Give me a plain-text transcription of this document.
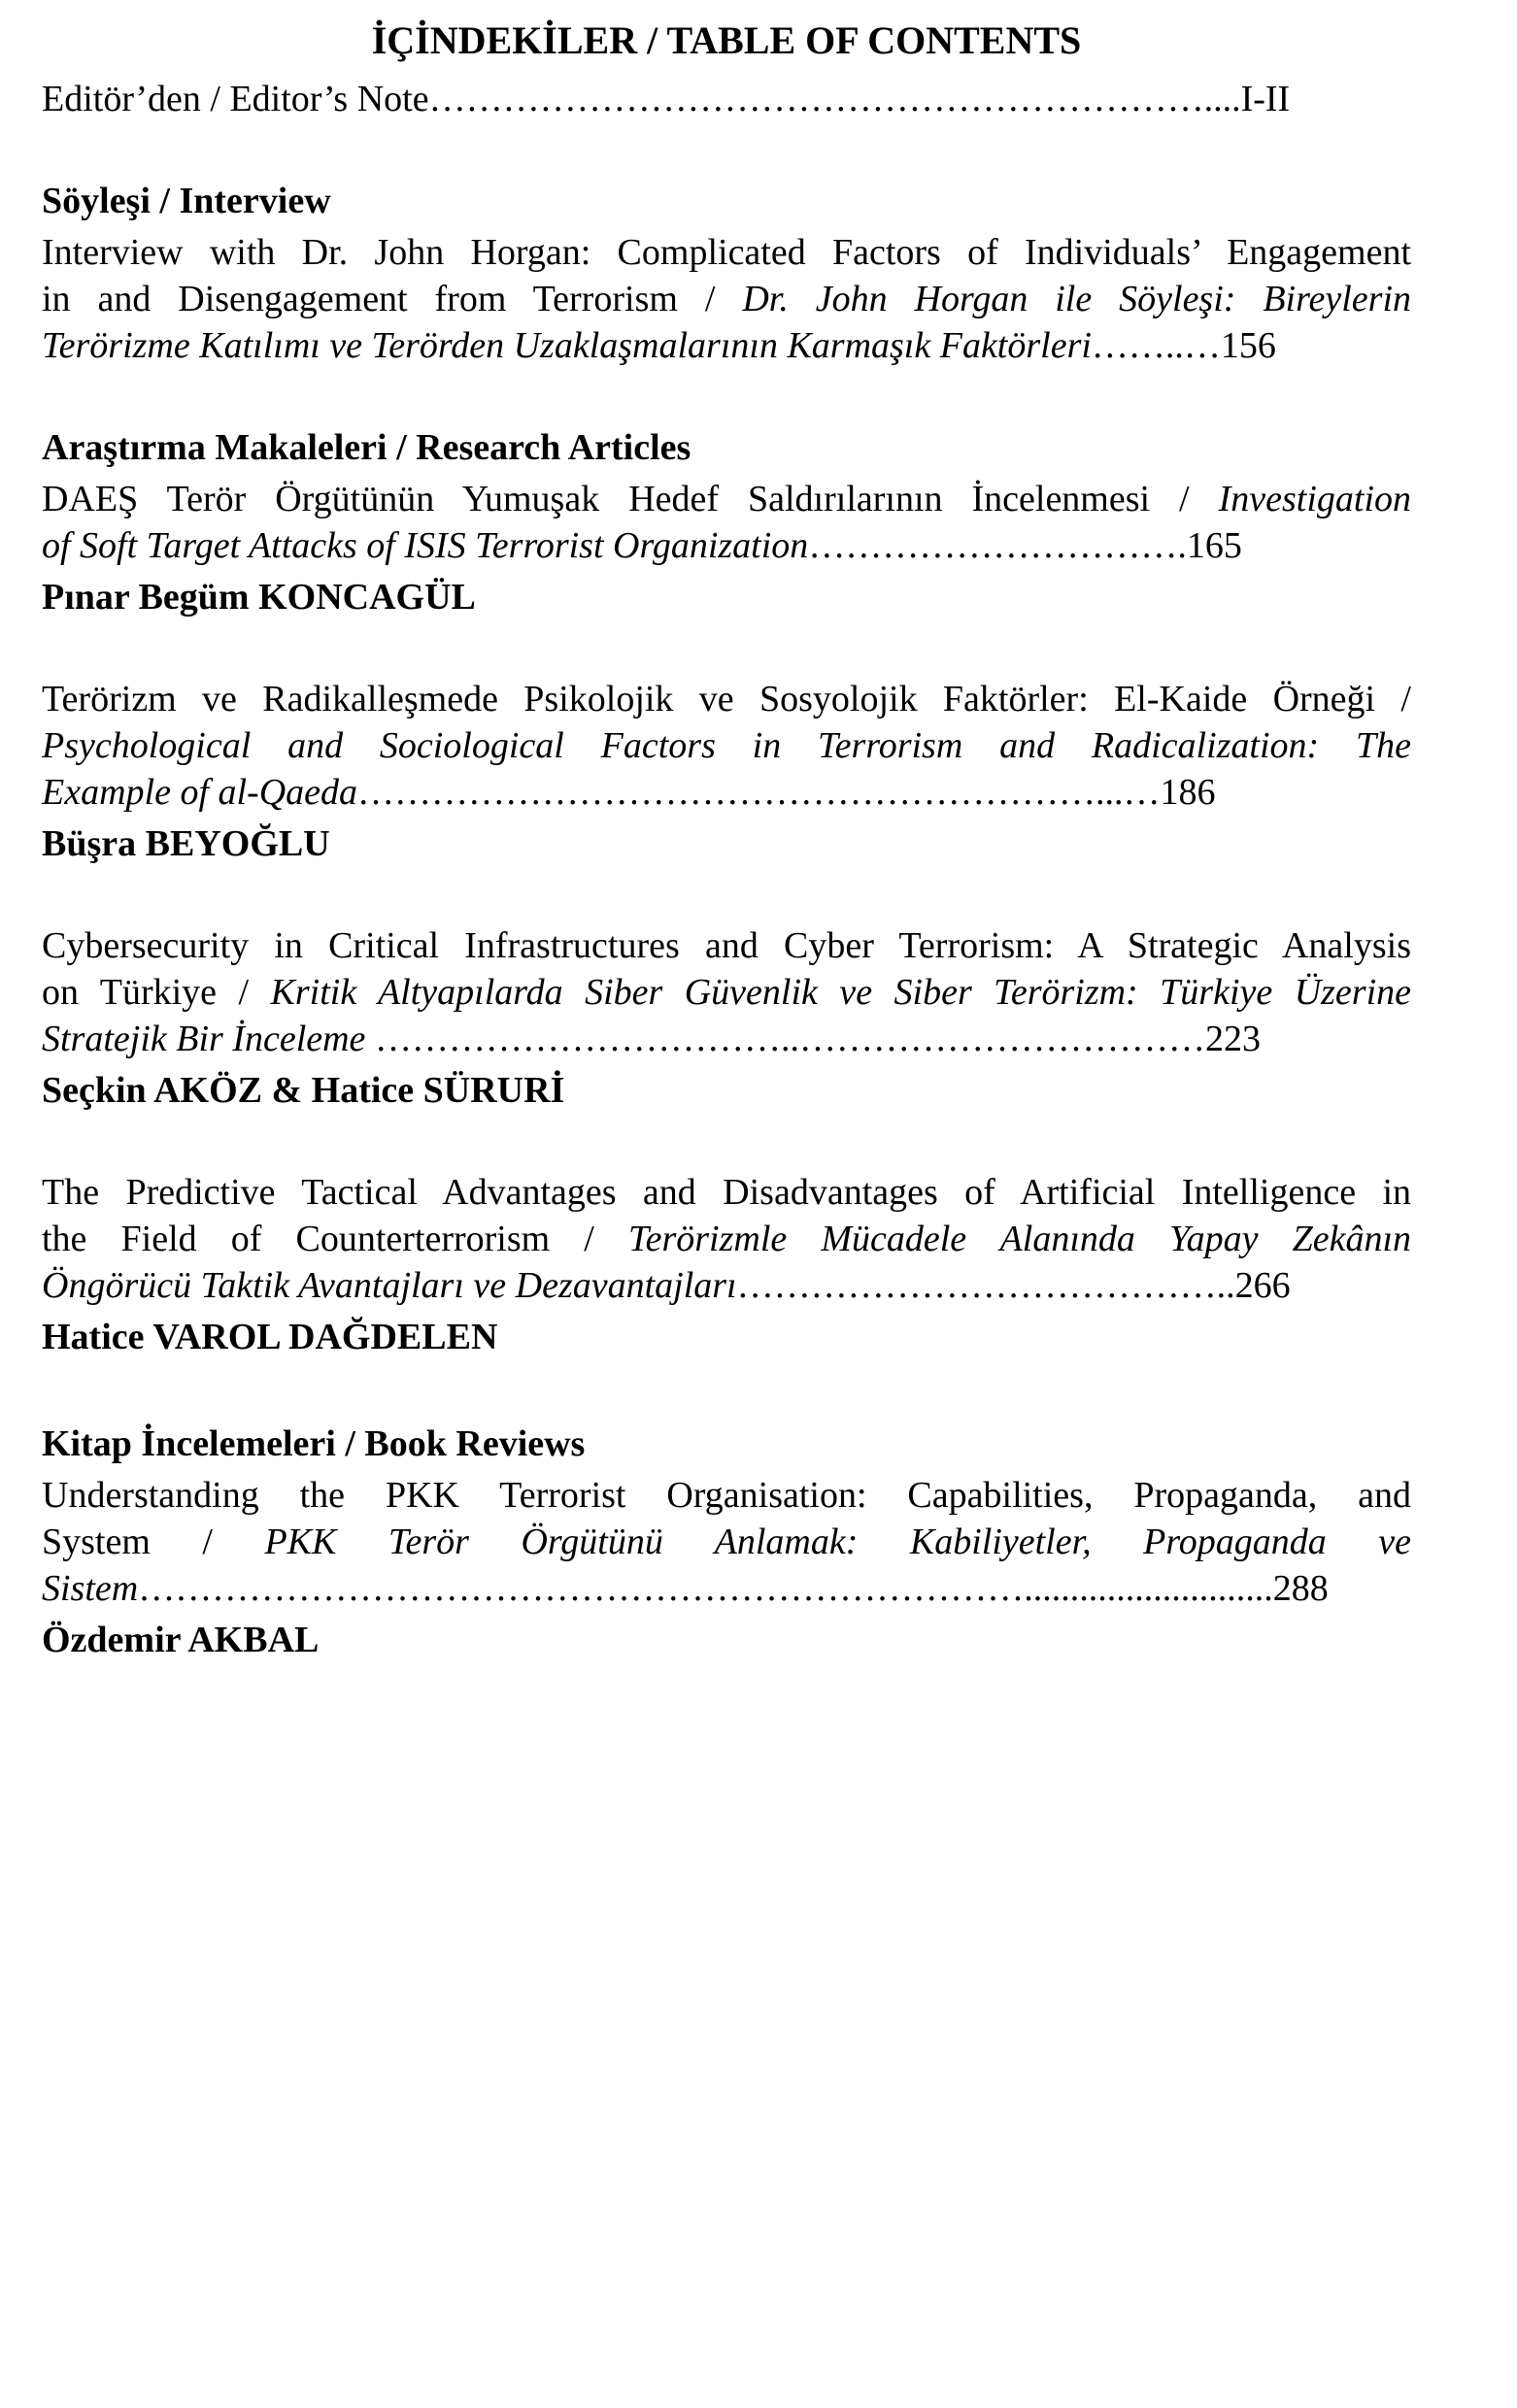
İÇİNDEKİLER / TABLE OF CONTENTS
Editör’den / Editor’s Note………………………………………………………....I-II
Söyleşi / Interview
Interview with Dr. John Horgan: Complicated Factors of Individuals’ Engagement
in and Disengagement from Terrorism / Dr. John Horgan ile Söyleşi: Bireylerin
Terörizme Katılımı ve Terörden Uzaklaşmalarının Karmaşık Faktörleri……..…156
Araştırma Makaleleri / Research Articles
DAEŞ Terör Örgütünün Yumuşak Hedef Saldırılarının İncelenmesi / Investigation
of Soft Target Attacks of ISIS Terrorist Organization………………………….165
Pınar Begüm KONCAGÜL
Terörizm ve Radikalleşmede Psikolojik ve Sosyolojik Faktörler: El-Kaide Örneği /
Psychological and Sociological Factors in Terrorism and Radicalization: The
Example of al-Qaeda……………………………………………………...…186
Büşra BEYOĞLU
Cybersecurity in Critical Infrastructures and Cyber Terrorism: A Strategic Analysis
on Türkiye / Kritik Altyapılarda Siber Güvenlik ve Siber Terörizm: Türkiye Üzerine
Stratejik Bir İnceleme ……………………………..……………………………223
Seçkin AKÖZ & Hatice SÜRURİ
The Predictive Tactical Advantages and Disadvantages of Artificial Intelligence in
the Field of Counterterrorism / Terörizmle Mücadele Alanında Yapay Zekânın
Öngörücü Taktik Avantajları ve Dezavantajları…………………………………..266
Hatice VAROL DAĞDELEN
Kitap İncelemeleri / Book Reviews
Understanding the PKK Terrorist Organisation: Capabilities, Propaganda, and
System / PKK Terör Örgütünü Anlamak: Kabiliyetler, Propaganda ve
Sistem………………………………………………………………...........................288
Özdemir AKBAL
